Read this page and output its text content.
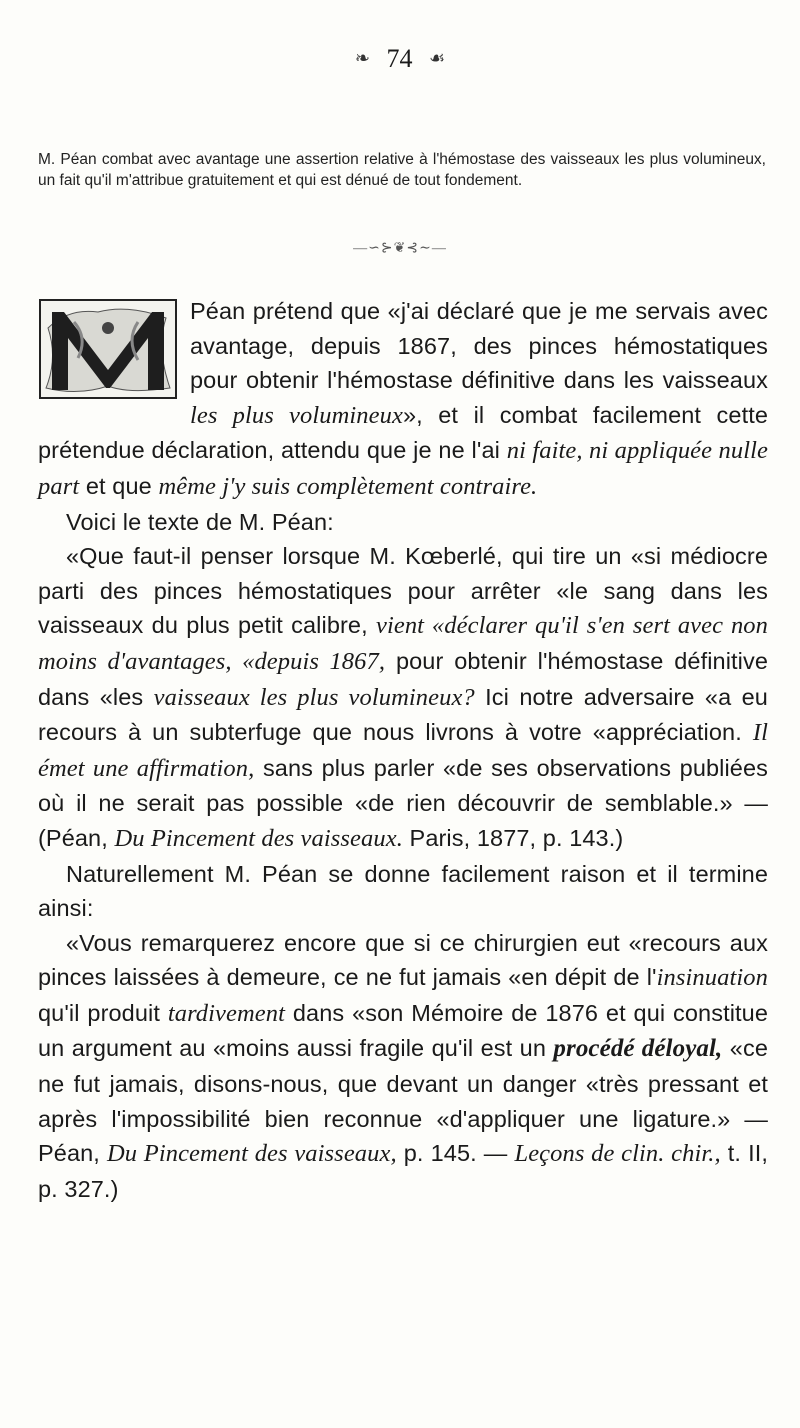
❧ 74 ☙
M. Péan combat avec avantage une assertion relative à l'hémostase des vaisseaux les plus volumineux, un fait qu'il m'attribue gratuitement et qui est dénué de tout fondement.
—∽⊱❦⊰∼—

Péan prétend que «j'ai déclaré que je me servais avec avantage, depuis 1867, des pinces hémostatiques pour obtenir l'hémostase définitive dans les vaisseaux les plus volumineux», et il combat facilement cette prétendue déclaration, attendu que je ne l'ai ni faite, ni appliquée nulle part et que même j'y suis complètement contraire.

Voici le texte de M. Péan:

«Que faut-il penser lorsque M. Kœberlé, qui tire un «si médiocre parti des pinces hémostatiques pour arrêter «le sang dans les vaisseaux du plus petit calibre, vient «déclarer qu'il s'en sert avec non moins d'avantages, «depuis 1867, pour obtenir l'hémostase définitive dans «les vaisseaux les plus volumineux? Ici notre adversaire «a eu recours à un subterfuge que nous livrons à votre «appréciation. Il émet une affirmation, sans plus parler «de ses observations publiées où il ne serait pas possible «de rien découvrir de semblable.» — (Péan, Du Pincement des vaisseaux. Paris, 1877, p. 143.)

Naturellement M. Péan se donne facilement raison et il termine ainsi:

«Vous remarquerez encore que si ce chirurgien eut «recours aux pinces laissées à demeure, ce ne fut jamais «en dépit de l'insinuation qu'il produit tardivement dans «son Mémoire de 1876 et qui constitue un argument au «moins aussi fragile qu'il est un procédé déloyal, «ce ne fut jamais, disons-nous, que devant un danger «très pressant et après l'impossibilité bien reconnue «d'appliquer une ligature.» — Péan, Du Pincement des vaisseaux, p. 145. — Leçons de clin. chir., t. II, p. 327.)
